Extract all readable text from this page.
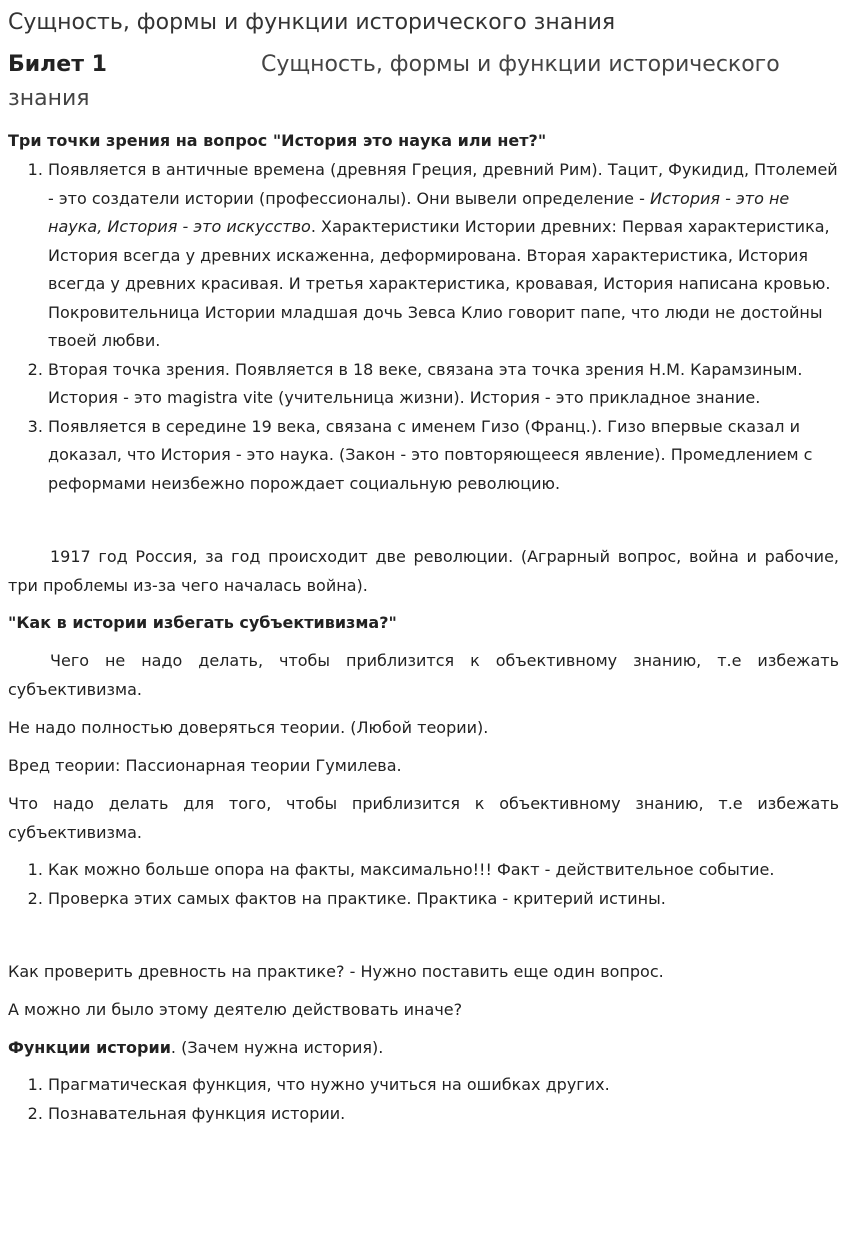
Сущность, формы и функции исторического знания
Билет 1	Сущность, формы и функции исторического знания

Три точки зрения на вопрос "История это наука или нет?"

1. Появляется в античные времена (древняя Греция, древний Рим). Тацит, Фукидид, Птолемей - это создатели истории (профессионалы). Они вывели определение - История - это не наука, История - это искусство. Характеристики Истории древних: Первая характеристика, История всегда у древних искаженна, деформирована. Вторая характеристика, История всегда у древних красивая. И третья характеристика, кровавая, История написана кровью. Покровительница Истории младшая дочь Зевса Клио говорит папе, что люди не достойны твоей любви.
2. Вторая точка зрения. Появляется в 18 веке, связана эта точка зрения Н.М. Карамзиным. История - это magistra vite (учительница жизни). История - это прикладное знание.
3. Появляется в середине 19 века, связана с именем Гизо (Франц.). Гизо впервые сказал и доказал, что История - это наука. (Закон - это повторяющееся явление). Промедлением с реформами неизбежно порождает социальную революцию.

1917 год Россия, за год происходит две революции. (Аграрный вопрос, война и рабочие, три проблемы из-за чего началась война).

"Как в истории избегать субъективизма?"

Чего не надо делать, чтобы приблизится к объективному знанию, т.е избежать субъективизма.

Не надо полностью доверяться теории. (Любой теории).

Вред теории: Пассионарная теории Гумилева.

Что надо делать для того, чтобы приблизится к объективному знанию, т.е избежать субъективизма.

1. Как можно больше опора на факты, максимально!!! Факт - действительное событие.
2. Проверка этих самых фактов на практике. Практика - критерий истины.

Как проверить древность на практике? - Нужно поставить еще один вопрос.

А можно ли было этому деятелю действовать иначе?

Функции истории. (Зачем нужна история).

1. Прагматическая функция, что нужно учиться на ошибках других.
2. Познавательная функция истории.
